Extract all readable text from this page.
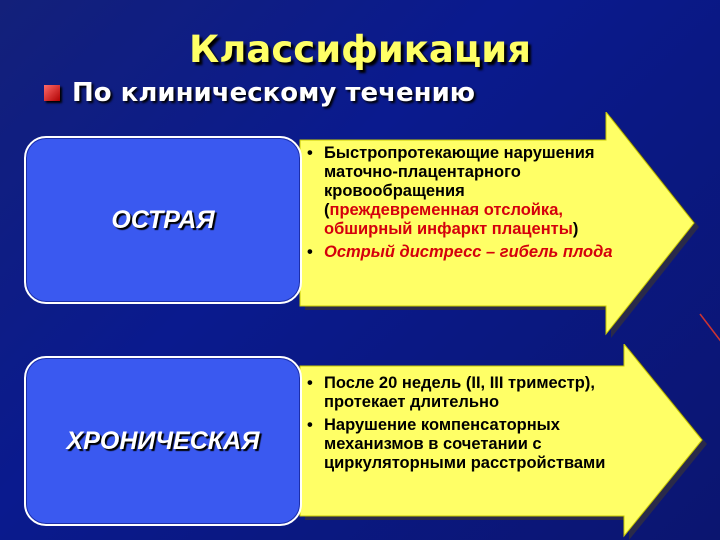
Классификация
По клиническому течению
• Быстропротекающие нарушения маточно-плацентарного кровообращения (преждевременная отслойка, обширный инфаркт плаценты)
• Острый дистресс – гибель плода
ОСТРАЯ
• После 20 недель (II, III триместр), протекает длительно
• Нарушение компенсаторных механизмов в сочетании с циркуляторными расстройствами
ХРОНИЧЕСКАЯ
